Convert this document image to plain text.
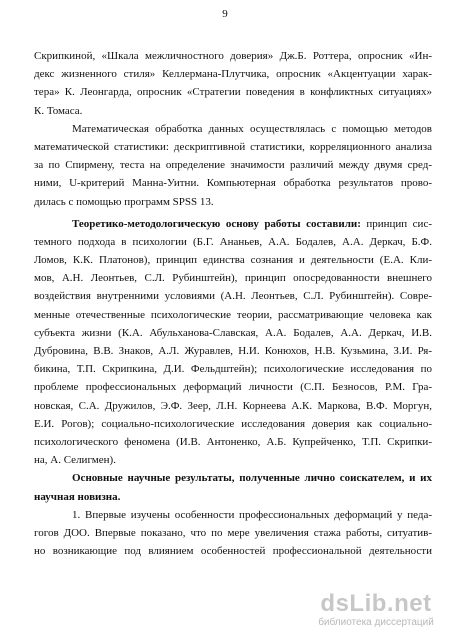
9
Скрипкиной, «Шкала межличностного доверия» Дж.Б. Роттера, опросник «Ин-
декс жизненного стиля» Келлермана-Плутчика, опросник «Акцентуации харак-
тера» К. Леонгарда, опросник «Стратегии поведения в конфликтных ситуациях»
К. Томаса.
Математическая обработка данных осуществлялась с помощью методов
математической статистики: дескриптивной статистики, корреляционного анализа
за по Спирмену, теста на определение значимости различий между двумя сред-
ними, U-критерий Манна-Уитни. Компьютерная обработка результатов прово-
дилась с помощью программ SPSS 13.
Теоретико-методологическую основу работы составили: принцип сис-
темного подхода в психологии (Б.Г. Ананьев, А.А. Бодалев, А.А. Деркач, Б.Ф.
Ломов, К.К. Платонов), принцип единства сознания и деятельности (Е.А. Кли-
мов, А.Н. Леонтьев, С.Л. Рубинштейн), принцип опосредованности внешнего
воздействия внутренними условиями (А.Н. Леонтьев, С.Л. Рубинштейн). Совре-
менные отечественные психологические теории, рассматривающие человека как
субъекта жизни (К.А. Абульханова-Славская, А.А. Бодалев, А.А. Деркач, И.В.
Дубровина, В.В. Знаков, А.Л. Журавлев, Н.И. Конюхов, Н.В. Кузьмина, З.И. Ря-
бикина, Т.П. Скрипкина, Д.И. Фельдштейн); психологические исследования по
проблеме профессиональных деформаций личности (С.П. Безносов, Р.М. Гра-
новская, С.А. Дружилов, Э.Ф. Зеер, Л.Н. Корнеева А.К. Маркова, В.Ф. Моргун,
Е.И. Рогов); социально-психологические исследования доверия как социально-
психологического феномена (И.В. Антоненко, А.Б. Купрейченко, Т.П. Скрипки-
на, А. Селигмен).
Основные научные результаты, полученные лично соискателем, и их
научная новизна.
1. Впервые изучены особенности профессиональных деформаций у педа-
гогов ДОО. Впервые показано, что по мере увеличения стажа работы, ситуатив-
но возникающие под влиянием особенностей профессиональной деятельности
dsLib.net
библиотека диссертаций
